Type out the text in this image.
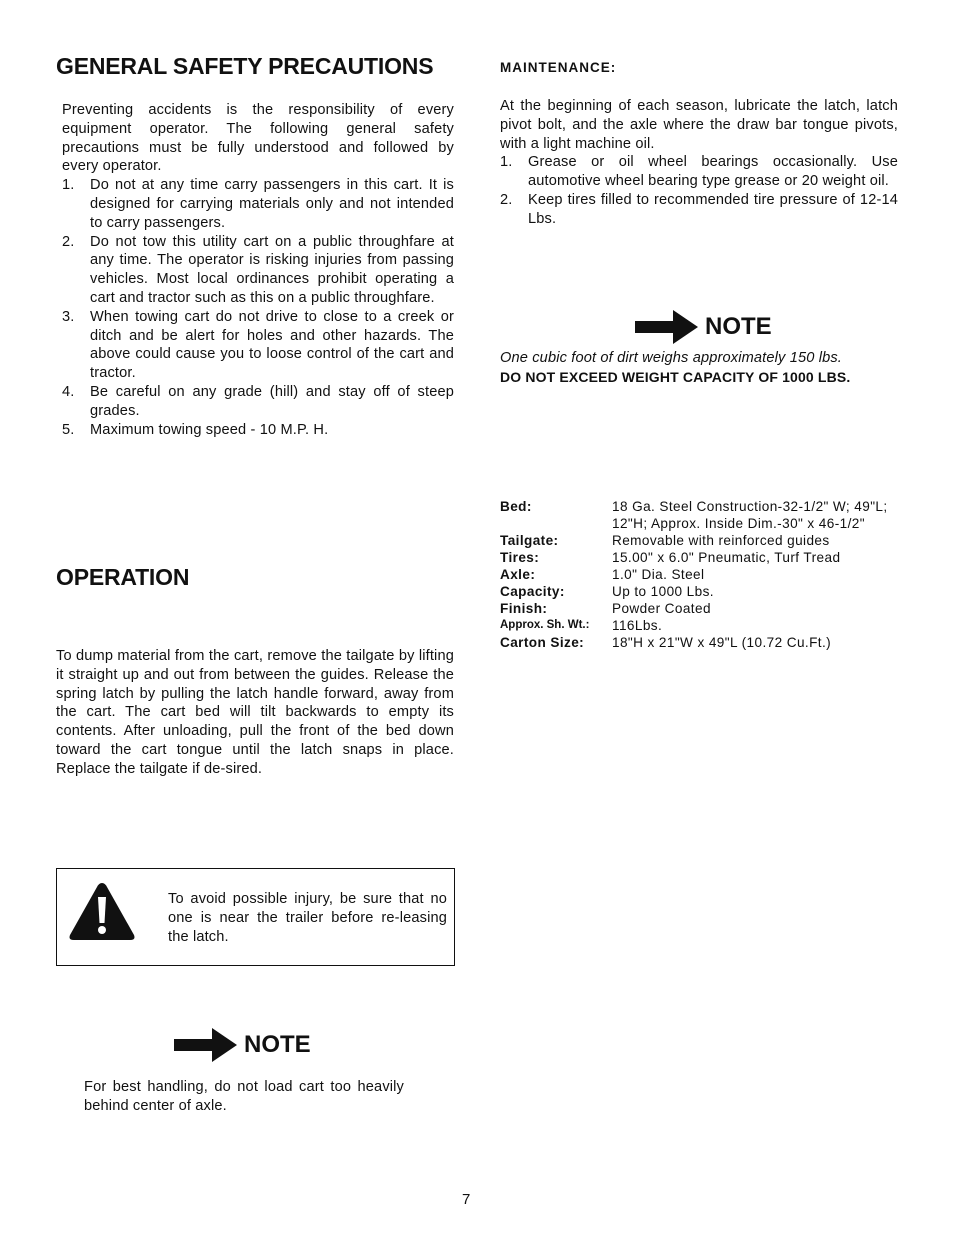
GENERAL SAFETY PRECAUTIONS

Preventing accidents is the responsibility of every equipment operator. The following general safety precautions must be fully understood and followed by every operator.

1. Do not at any time carry passengers in this cart. It is designed for carrying materials only and not intended to carry passengers.
2. Do not tow this utility cart on a public throughfare at any time. The operator is risking injuries from passing vehicles. Most local ordinances prohibit operating a cart and tractor such as this on a public throughfare.
3. When towing cart do not drive to close to a creek or ditch and be alert for holes and other hazards. The above could cause you to loose control of the cart and tractor.
4. Be careful on any grade (hill) and stay off of steep grades.
5. Maximum towing speed - 10 M.P. H.
OPERATION

To dump material from the cart, remove the tailgate by lifting it straight up and out from between the guides. Release the spring latch by pulling the latch handle forward, away from the cart. The cart bed will tilt backwards to empty its contents. After unloading, pull the front of the bed down toward the cart tongue until the latch snaps in place. Replace the tailgate if de-sired.

To avoid possible injury, be sure that no one is near the trailer before re-leasing the latch.

NOTE

For best handling, do not load cart too heavily behind center of axle.

MAINTENANCE:

At the beginning of each season, lubricate the latch, latch pivot bolt, and the axle where the draw bar tongue pivots, with a light machine oil.

1. Grease or oil wheel bearings occasionally. Use automotive wheel bearing type grease or 20 weight oil.
2. Keep tires filled to recommended tire pressure of 12-14 Lbs.
NOTE

One cubic foot of dirt weighs approximately 150 lbs.

DO NOT EXCEED WEIGHT CAPACITY OF 1000 LBS.

Bed:	18 Ga. Steel Construction-32-1/2" W; 49"L; 12"H; Approx. Inside Dim.-30" x 46-1/2"
Tailgate:	Removable with reinforced guides
Tires:	15.00" x 6.0" Pneumatic, Turf Tread
Axle:	1.0" Dia. Steel
Capacity:	Up to 1000 Lbs.
Finish:	Powder Coated
Approx. Sh. Wt.:	116Lbs.
Carton Size:	18"H x 21"W x 49"L (10.72 Cu.Ft.)
7
